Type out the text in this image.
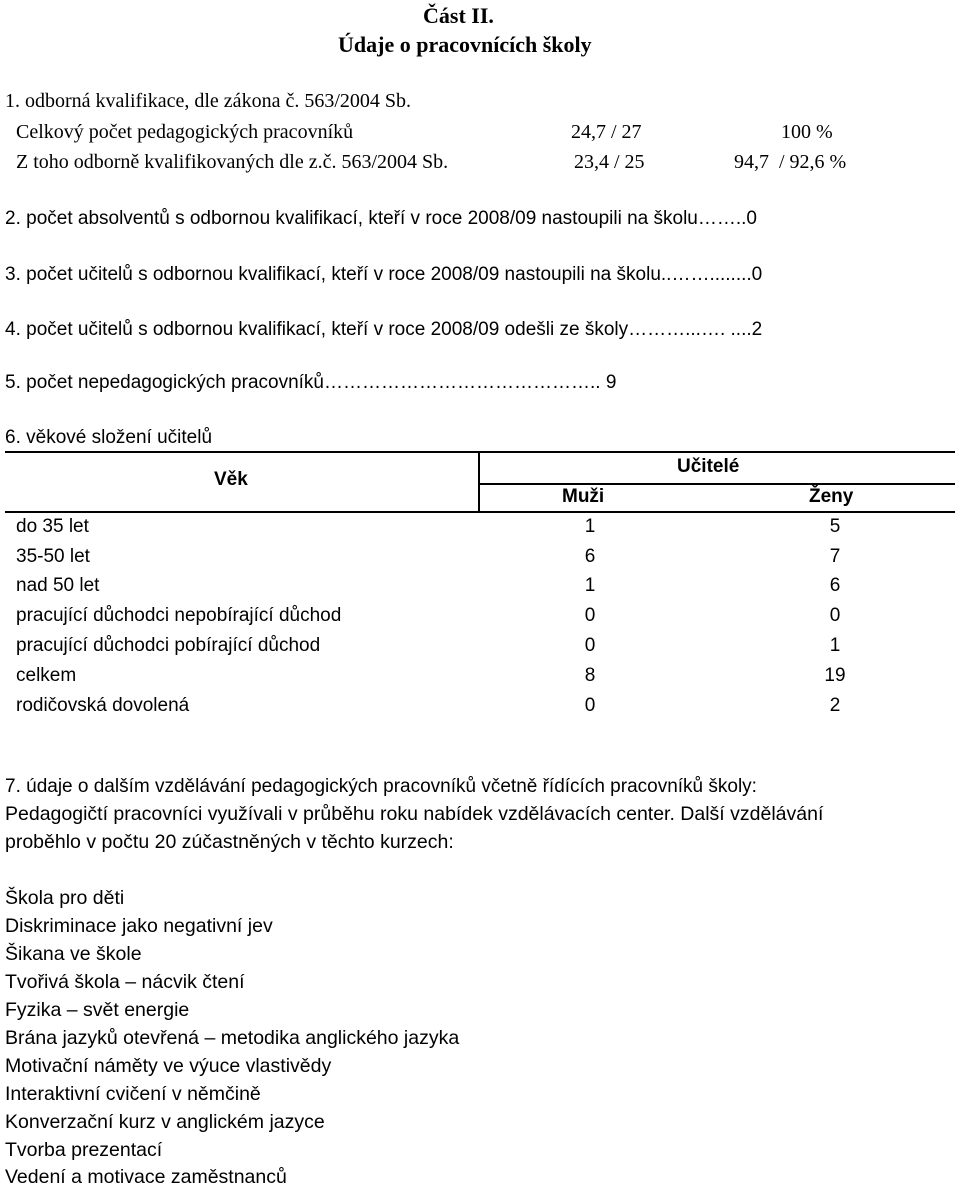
Část II.
Údaje o pracovnících školy
1. odborná kvalifikace, dle zákona č. 563/2004 Sb.
Celkový počet pedagogických pracovníků	24,7 / 27	100 %
Z toho odborně kvalifikovaných dle z.č. 563/2004 Sb.	23,4 / 25	94,7  / 92,6 %
2. počet absolventů s odbornou kvalifikací, kteří v roce 2008/09 nastoupili na školu……..0
3. počet učitelů s odbornou kvalifikací, kteří v roce 2008/09 nastoupili na školu..……........0
4. počet učitelů s odbornou kvalifikací, kteří v roce 2008/09 odešli ze školy………...…. ....2
5. počet nepedagogických pracovníků…………………………………….. 9
6. věkové složení učitelů
Věk
Učitelé
Muži	Ženy
do 35 let	1	5
35-50 let	6	7
nad 50 let	1	6
pracující důchodci nepobírající důchod	0	0
pracující důchodci pobírající důchod	0	1
celkem	8	19
rodičovská dovolená	0	2
7. údaje o dalším vzdělávání pedagogických pracovníků včetně řídících pracovníků školy:
Pedagogičtí pracovníci využívali v průběhu roku nabídek vzdělávacích center. Další vzdělávání
proběhlo v počtu 20 zúčastněných v těchto kurzech:
Škola pro děti
Diskriminace jako negativní jev
Šikana ve škole
Tvořivá škola – nácvik čtení
Fyzika – svět energie
Brána jazyků otevřená – metodika anglického jazyka
Motivační náměty ve výuce vlastivědy
Interaktivní cvičení v němčině
Konverzační kurz v anglickém jazyce
Tvorba prezentací
Vedení a motivace zaměstnanců
